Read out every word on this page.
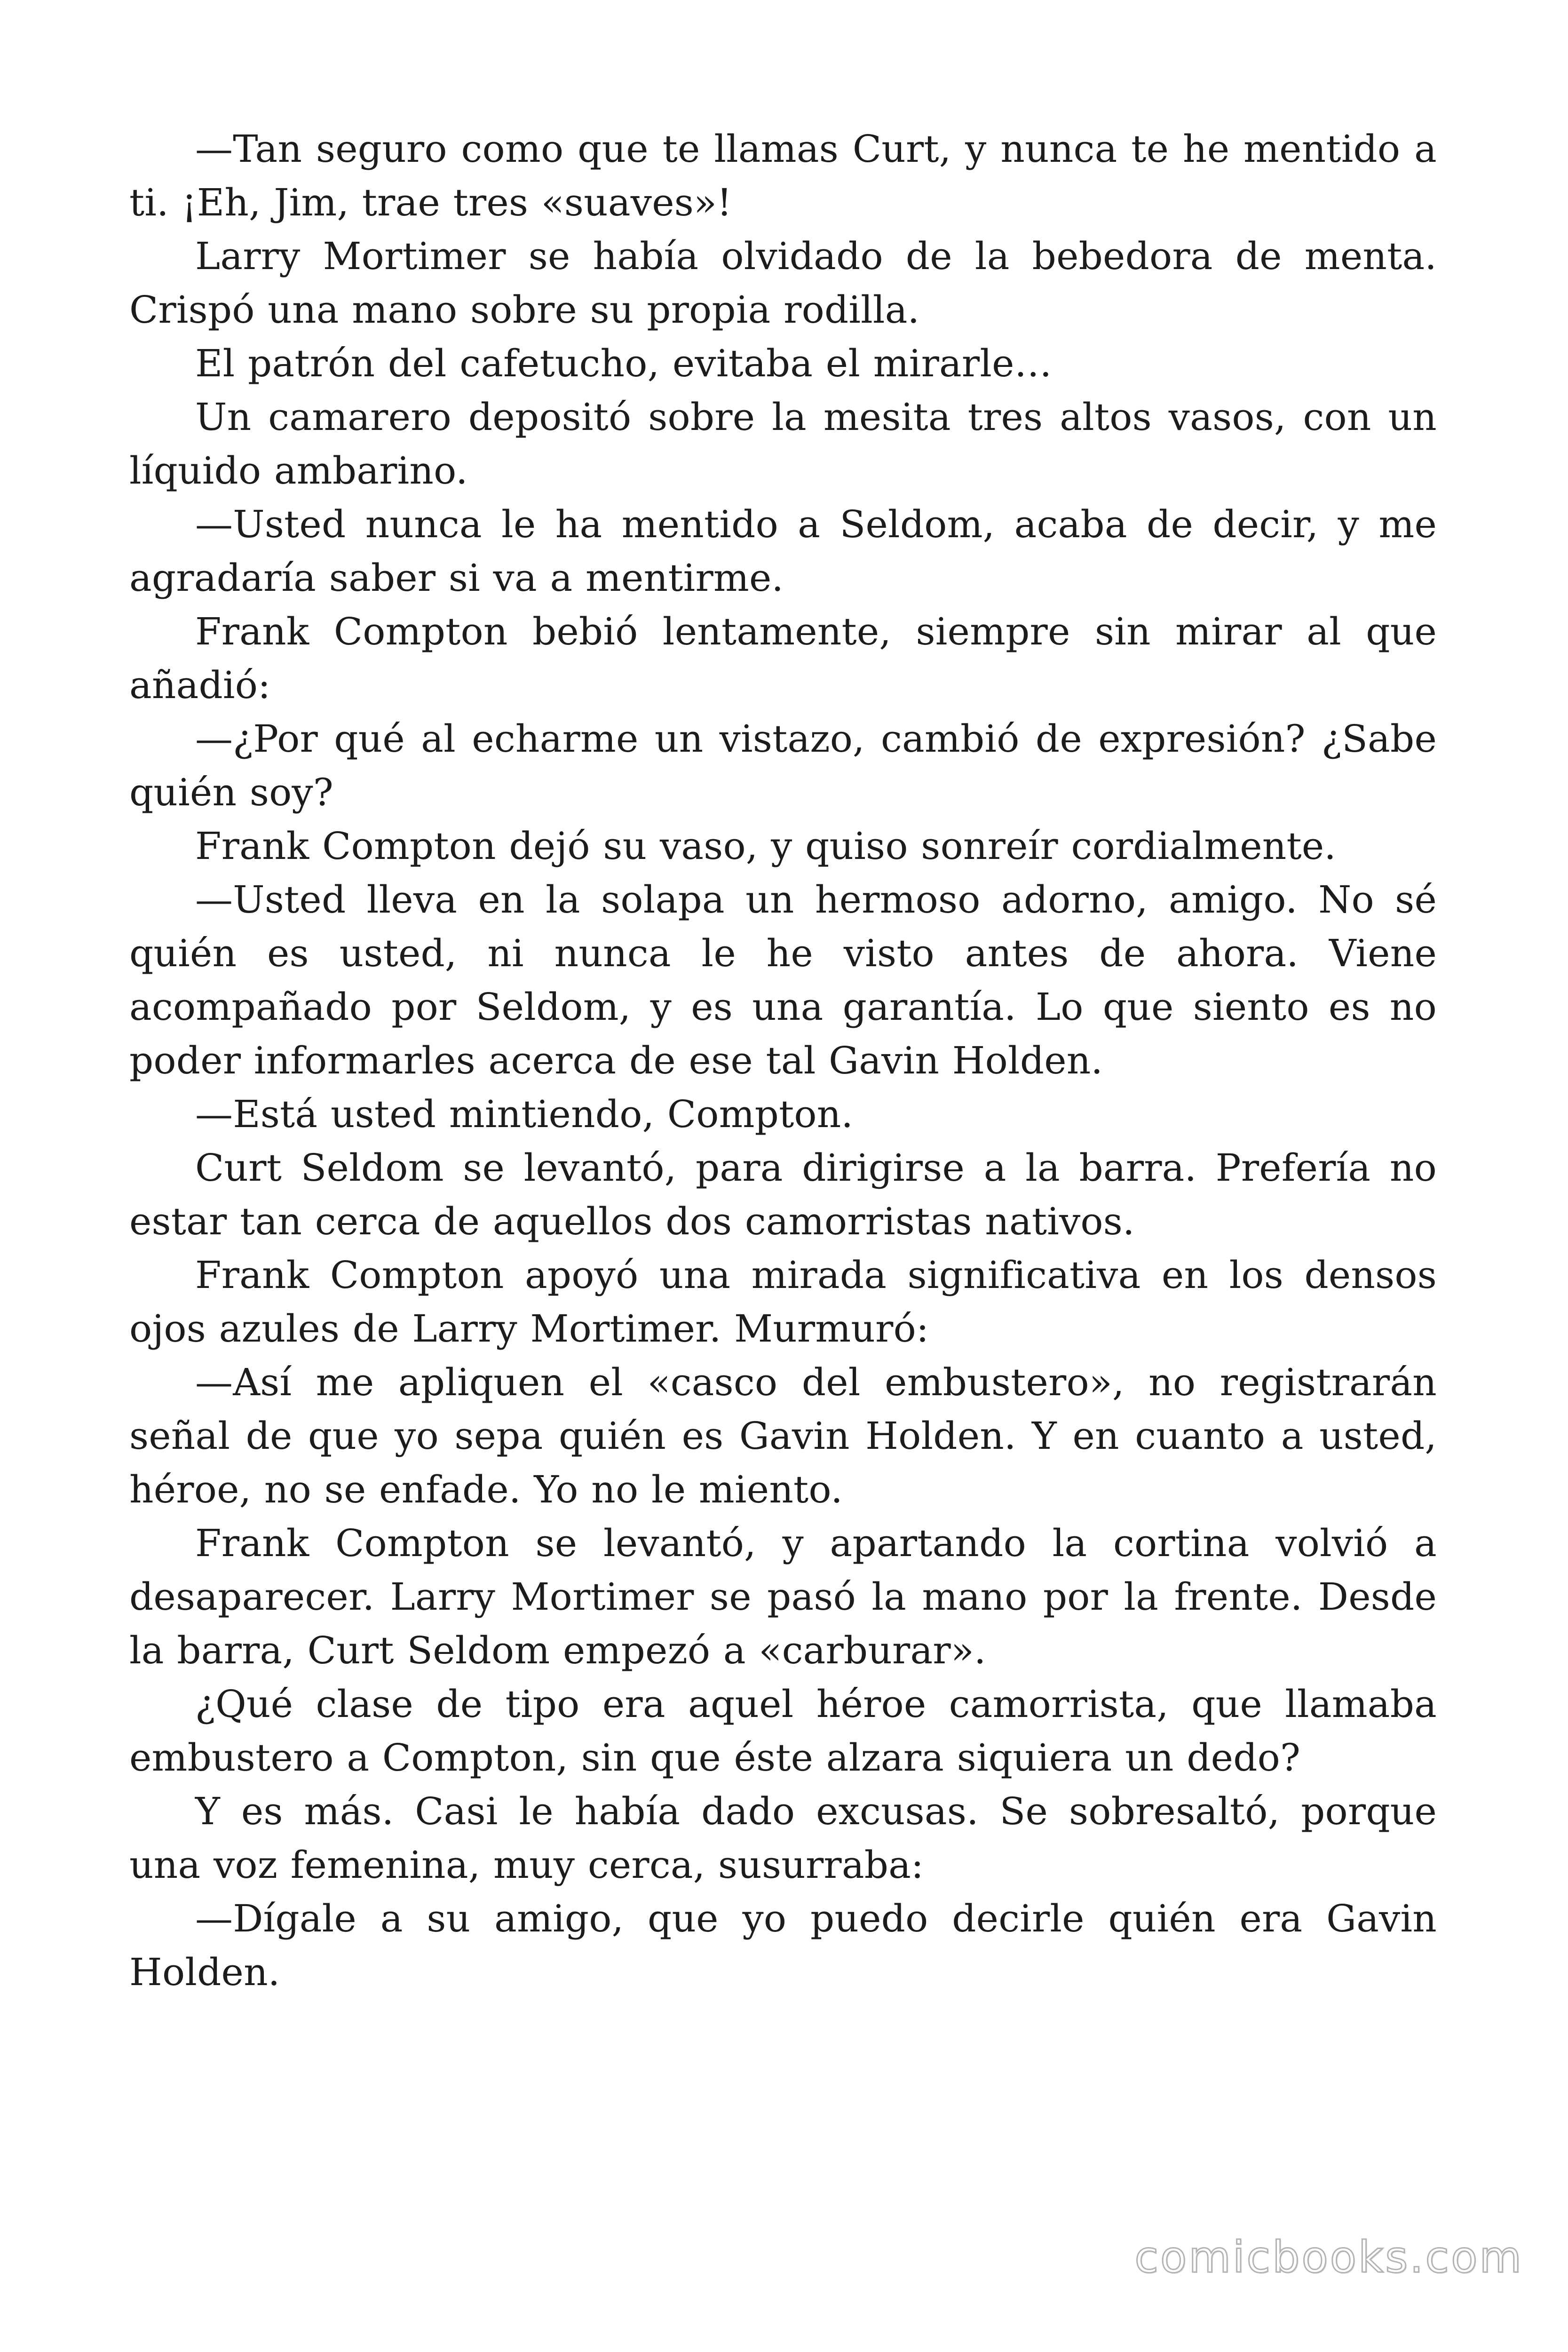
—Tan seguro como que te llamas Curt, y nunca te he mentido a ti. ¡Eh, Jim, trae tres «suaves»!

Larry Mortimer se había olvidado de la bebedora de menta. Crispó una mano sobre su propia rodilla.

El patrón del cafetucho, evitaba el mirarle…

Un camarero depositó sobre la mesita tres altos vasos, con un líquido ambarino.

—Usted nunca le ha mentido a Seldom, acaba de decir, y me agradaría saber si va a mentirme.

Frank Compton bebió lentamente, siempre sin mirar al que añadió:

—¿Por qué al echarme un vistazo, cambió de expresión? ¿Sabe quién soy?

Frank Compton dejó su vaso, y quiso sonreír cordialmente.

—Usted lleva en la solapa un hermoso adorno, amigo. No sé quién es usted, ni nunca le he visto antes de ahora. Viene acompañado por Seldom, y es una garantía. Lo que siento es no poder informarles acerca de ese tal Gavin Holden.

—Está usted mintiendo, Compton.

Curt Seldom se levantó, para dirigirse a la barra. Prefería no estar tan cerca de aquellos dos camorristas nativos.

Frank Compton apoyó una mirada significativa en los densos ojos azules de Larry Mortimer. Murmuró:

—Así me apliquen el «casco del embustero», no registrarán señal de que yo sepa quién es Gavin Holden. Y en cuanto a usted, héroe, no se enfade. Yo no le miento.

Frank Compton se levantó, y apartando la cortina volvió a desaparecer. Larry Mortimer se pasó la mano por la frente. Desde la barra, Curt Seldom empezó a «carburar».

¿Qué clase de tipo era aquel héroe camorrista, que llamaba embustero a Compton, sin que éste alzara siquiera un dedo?

Y es más. Casi le había dado excusas. Se sobresaltó, porque una voz femenina, muy cerca, susurraba:

—Dígale a su amigo, que yo puedo decirle quién era Gavin Holden.

comicbooks.com
